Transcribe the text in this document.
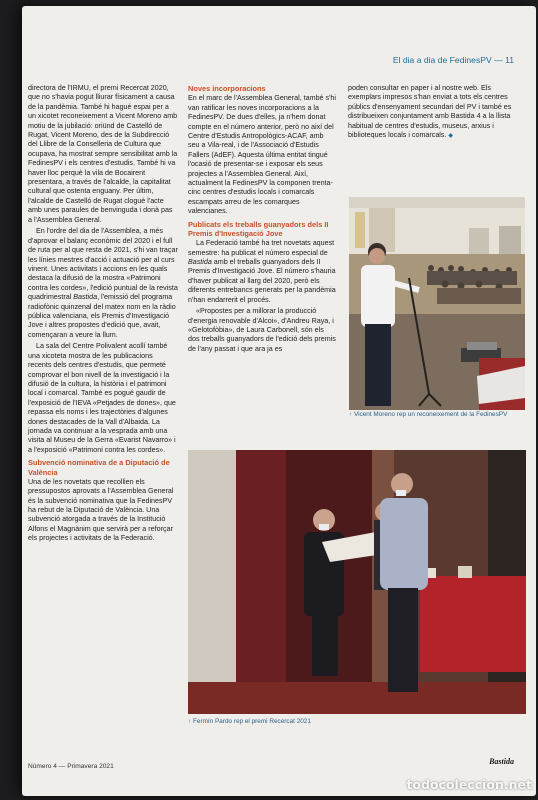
El dia a dia de FedinesPV — 11

directora de l'IRMU, el premi Recercat 2020, que no s'havia pogut lliurar físicament a causa de la pandèmia. També hi hagué espai per a un xicotet reconeixement a Vicent Moreno amb motiu de la jubilació: oriünd de Castelló de Rugat, Vicent Moreno, des de la Subdirecció del Llibre de la Conselleria de Cultura que ocupava, ha mostrat sempre sensibilitat amb la FedinesPV i els centres d'estudis. També hi va haver lloc perquè la vila de Bocairent presentara, a través de l'alcalde, la capitalitat cultural que ostenta enguany. Per últim, l'alcalde de Castelló de Rugat cloguè l'acte amb unes paraules de benvinguda i donà pas a l'Assemblea General.

En l'ordre del dia de l'Assemblea, a més d'aprovar el balanç econòmic del 2020 i el full de ruta per al que resta de 2021, s'hi van traçar les línies mestres d'acció i actuació per al curs vinent. Unes activitats i accions en les quals destaca la difusió de la mostra «Patrimoni contra les cordes», l'edició puntual de la revista quadrimestral Bastida, l'emissió del programa radiofònic quinzenal del matex nom en la ràdio pública valenciana, els Premis d'Investigació Jove i altres propostes d'edició que, avait, començaran a veure la llum.

La sala del Centre Polivalent acollí també una xicoteta mostra de les publicacions recents dels centres d'estudis, que permeté comprovar el bon nivell de la investigació i la difusió de la cultura, la història i el patrimoni local i comarcal. També es pogué gaudir de l'exposició de l'IEVA «Petjades de dones», que repassa els noms i les trajectòries d'algunes dones destacades de la Vall d'Albaida. La jornada va continuar a la vesprada amb una visita al Museu de la Gerra «Evarist Navarro» i a l'exposició «Patrimoni contra les cordes».

Subvenció nominativa de a Diputació de València

Una de les novetats que recollien els pressupostos aprovats a l'Assemblea General és la subvenció nominativa que la FedinesPV ha rebut de la Diputació de València. Una subvenció atorgada a través de la Institució Alfons el Magnànim que servirà per a reforçar els projectes i activitats de la Federació.

Noves incorporacions

En el marc de l'Assemblea General, també s'hi van ratificar les noves incorporacions a la FedinesPV. De dues d'elles, ja n'hem donat compte en el número anterior, però no així del Centre d'Estudis Antropològics-ACAF, amb seu a Vila-real, i de l'Associació d'Estudis Fallers (AdEF). Aquesta última entitat tingué l'ocasió de presentar-se i exposar els seus projectes a l'Assemblea General. Així, actualment la FedinesPV la componen trenta-cinc centres d'estudis locals i comarcals escampats arreu de les comarques valencianes.

Publicats els treballs guanyadors dels II Premis d'Investigació Jove

La Federació també ha tret novetats aquest semestre: ha publicat el número especial de Bastida amb el treballs guanyadors dels II Premis d'Investigació Jove. El número s'hauria d'haver publicat al llarg del 2020, però els diferents entrebancs generats per la pandèmia n'han endarrerit el procés.

«Propostes per a millorar la producció d'energia renovable d'Alcoi», d'Andreu Raya, i «Gelotofòbia», de Laura Carbonell, són els dos treballs guanyadors de l'edició dels premis de l'any passat i que ara ja es

poden consultar en paper i al nostre web. Els exemplars impresos s'han enviat a tots els centres públics d'ensenyament secundari del PV i també es distribueixen conjuntament amb Bastida 4 a la llista habitual de centres d'estudis, museus, arxius i biblioteques locals i comarcals. ◆

↑ Vicent Moreno rep un reconeixement de la FedinesPV
↑ Fermín Pardo rep el premi Recercat 2021
Número 4 — Primavera 2021
Bastida
todocoleccion.net
